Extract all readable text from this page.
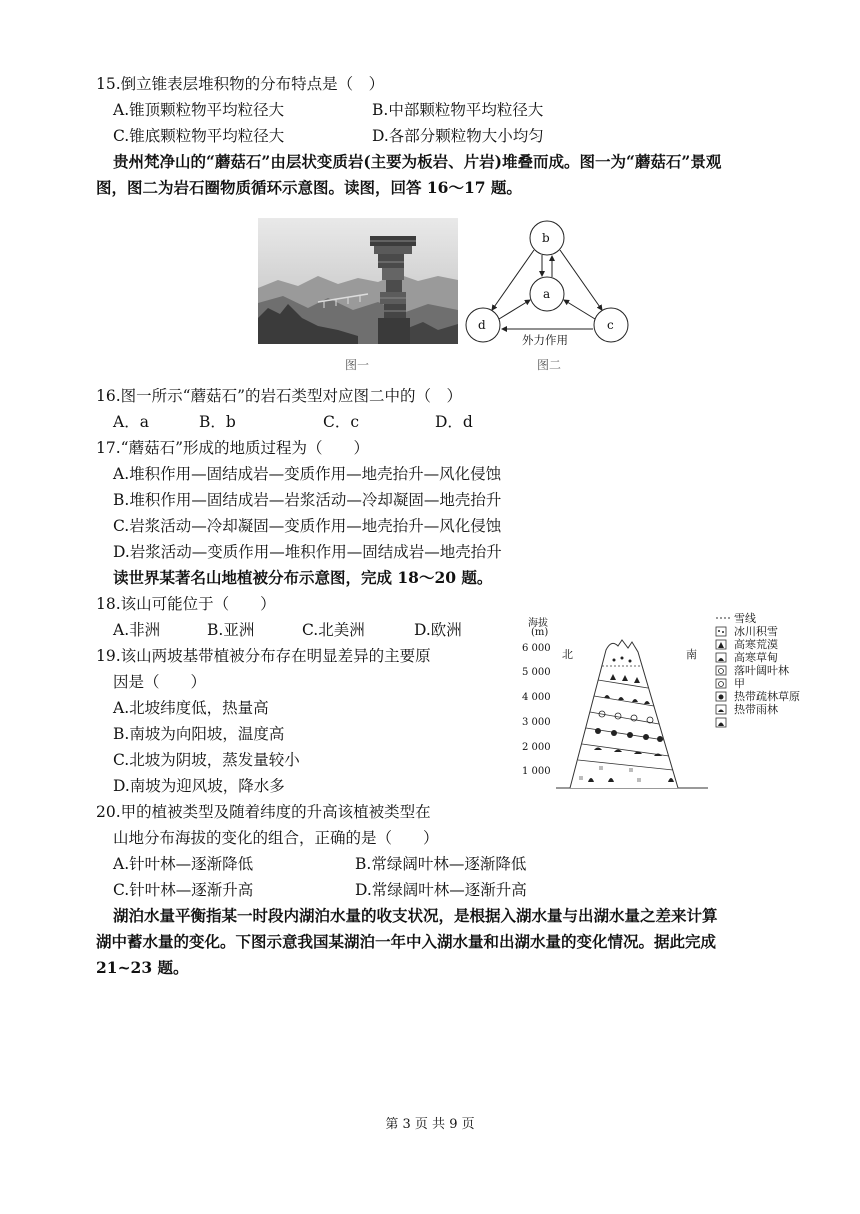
15.倒立锥表层堆积物的分布特点是（　）
A.锥顶颗粒物平均粒径大	B.中部颗粒物平均粒径大
C.锥底颗粒物平均粒径大	D.各部分颗粒物大小均匀
贵州梵净山的“蘑菇石”由层状变质岩(主要为板岩、片岩)堆叠而成。图一为“蘑菇石”景观
图，图二为岩石圈物质循环示意图。读图，回答 16～17 题。
图一
b
a
d	c
外力作用
图二
16.图一所示“蘑菇石”的岩石类型对应图二中的（　）
A．a	B．b	C．c	D．d
17.“蘑菇石”形成的地质过程为（　　）
A.堆积作用—固结成岩—变质作用—地壳抬升—风化侵蚀
B.堆积作用—固结成岩—岩浆活动—冷却凝固—地壳抬升
C.岩浆活动—冷却凝固—变质作用—地壳抬升—风化侵蚀
D.岩浆活动—变质作用—堆积作用—固结成岩—地壳抬升
读世界某著名山地植被分布示意图，完成 18～20 题。
18.该山可能位于（　　）
A.非洲	B.亚洲	C.北美洲	D.欧洲
19.该山两坡基带植被分布存在明显差异的主要原
因是（　　）
A.北坡纬度低，热量高
B.南坡为向阳坡，温度高
C.北坡为阴坡，蒸发量较小
D.南坡为迎风坡，降水多
海拔
(m)
北	南
6 000
5 000
4 000
3 000
2 000
1 000
雪线
冰川积雪
高寒荒漠
高寒草甸
落叶阔叶林
甲
热带疏林草原
热带雨林
20.甲的植被类型及随着纬度的升高该植被类型在
山地分布海拔的变化的组合，正确的是（　　）
A.针叶林—逐渐降低	B.常绿阔叶林—逐渐降低
C.针叶林—逐渐升高	D.常绿阔叶林—逐渐升高
湖泊水量平衡指某一时段内湖泊水量的收支状况，是根据入湖水量与出湖水量之差来计算
湖中蓄水量的变化。下图示意我国某湖泊一年中入湖水量和出湖水量的变化情况。据此完成
21~23 题。
第 3 页 共 9 页
